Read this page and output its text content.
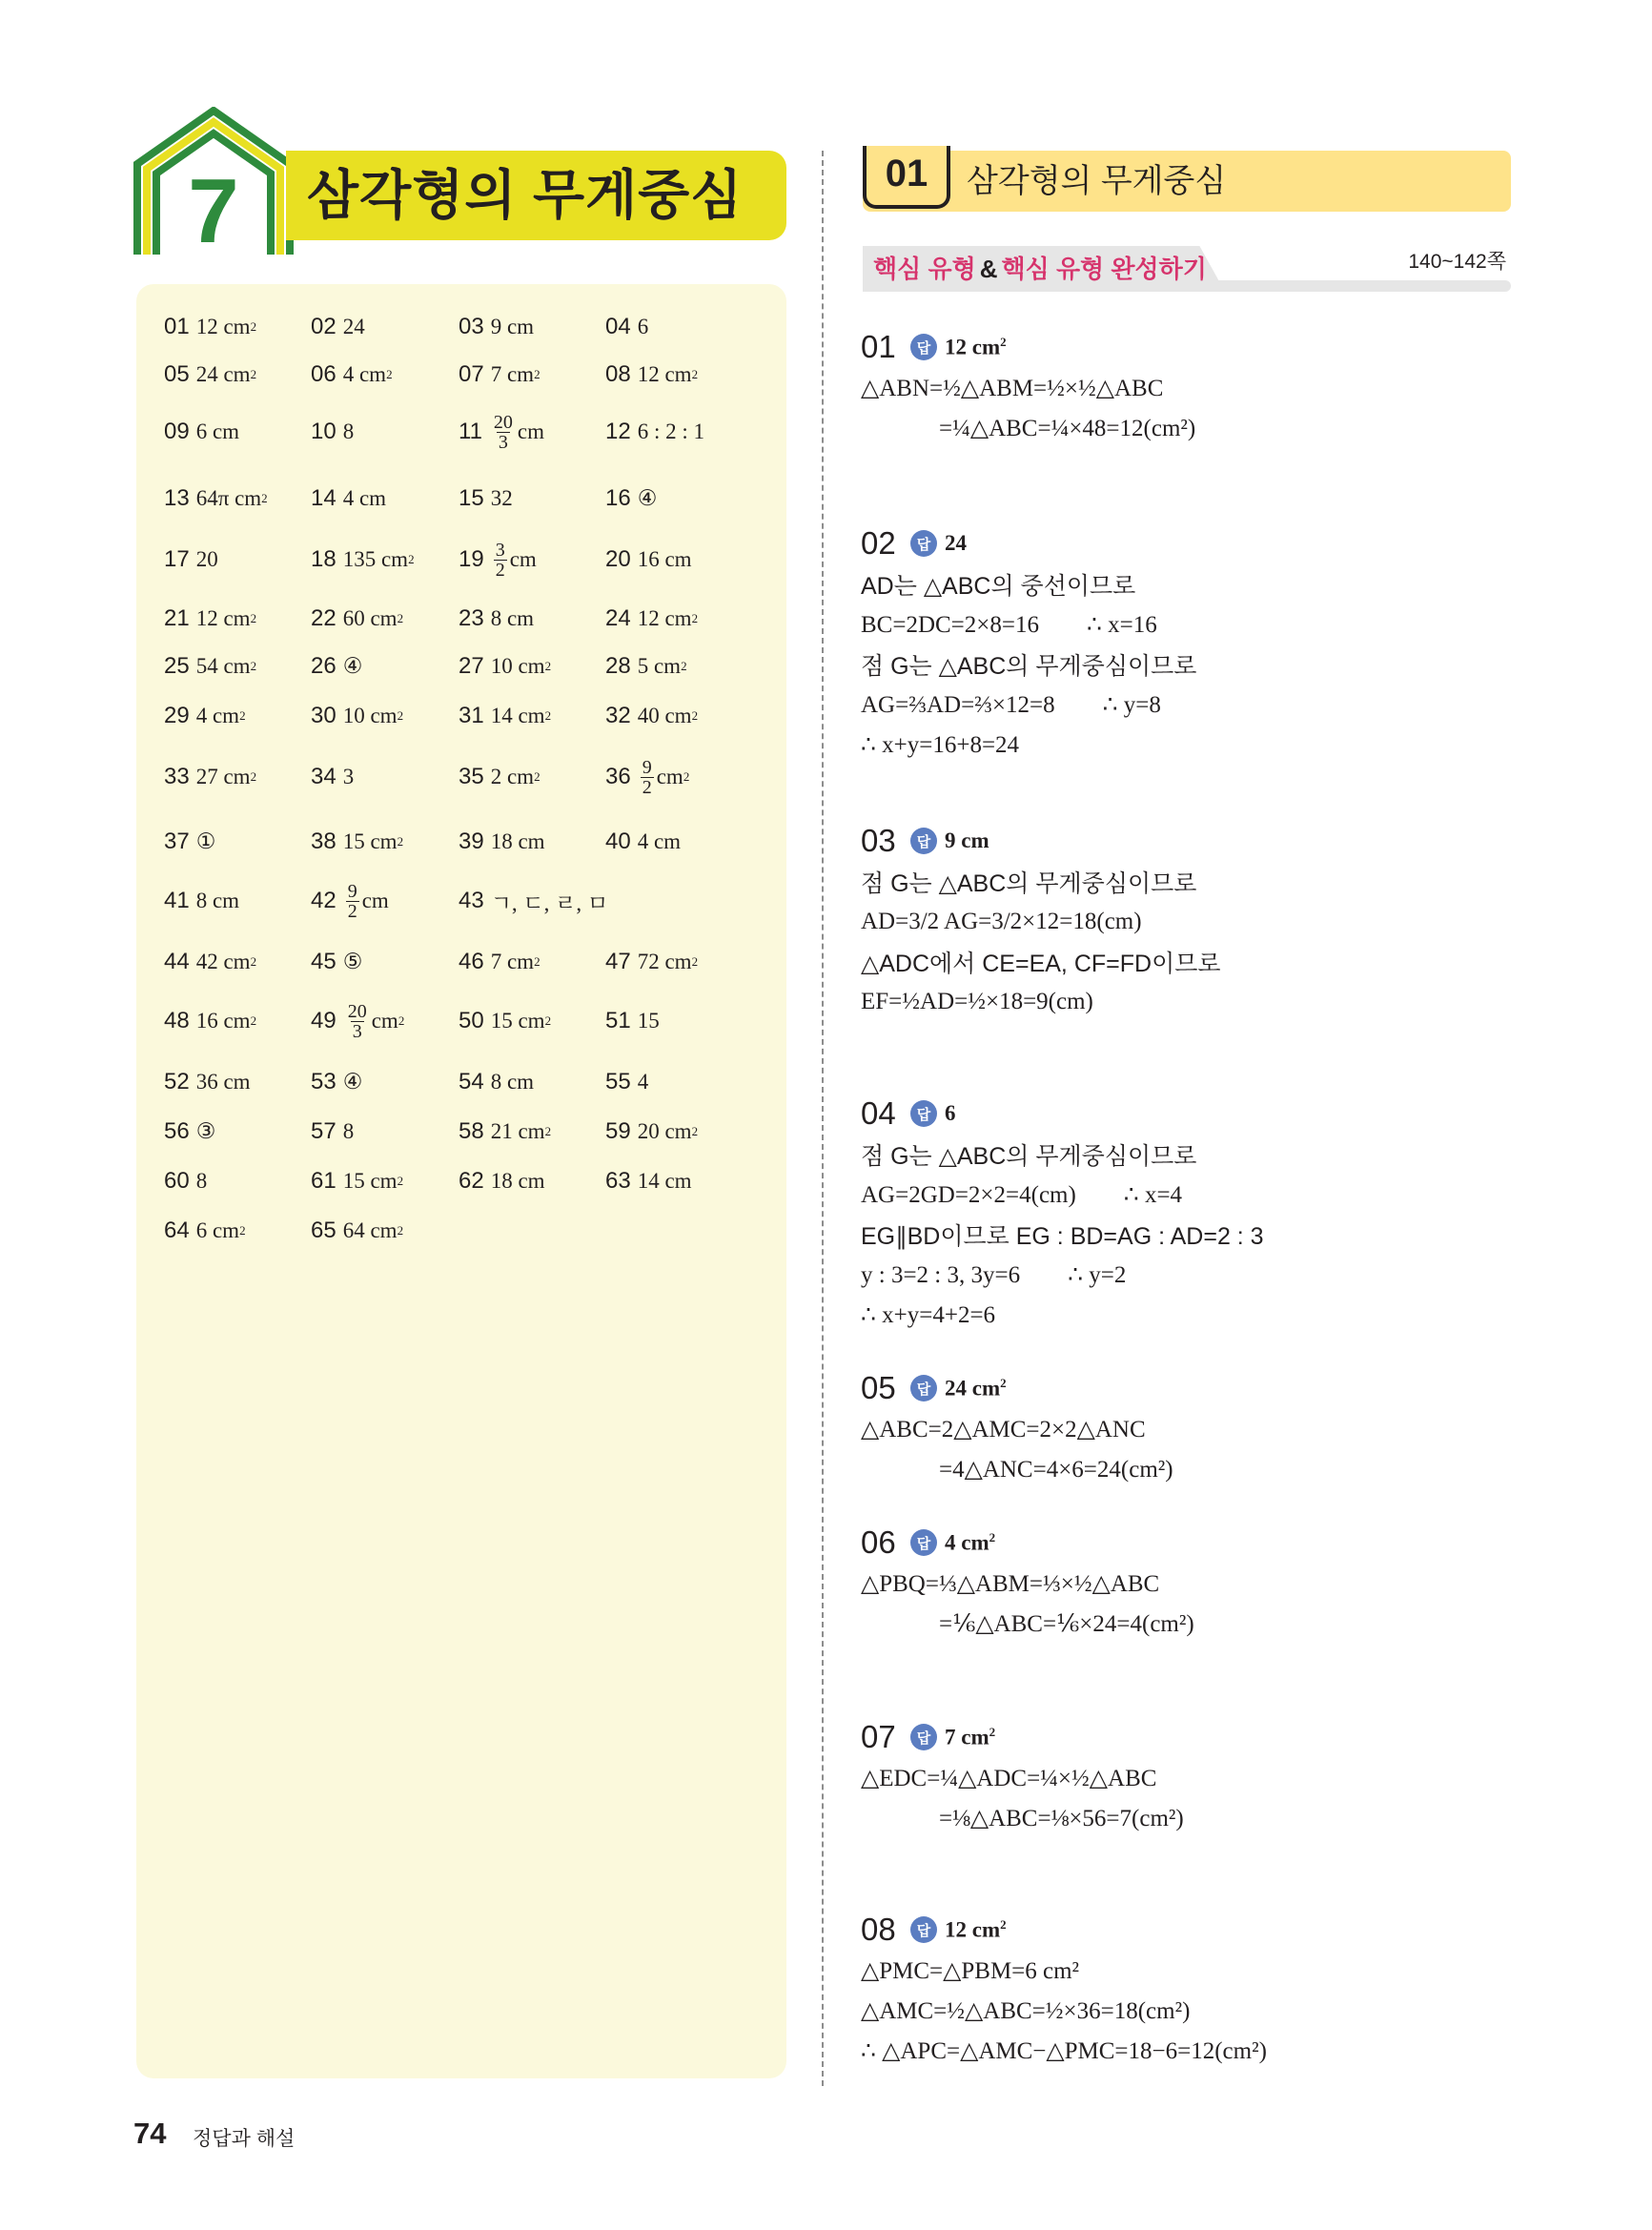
7 삼각형의 무게중심
01 12 cm 2 02 24	03 9 cm	04 6
05 24 cm 2 06 4 cm 2	07 7 cm 2	08 12 cm 2
09 6 cm	10 8	$11 \frac{20}{3}$ cm	12 6 : 2 : 1
13 64π cm 2 14 4 cm	15 32	16 ④
17 20	18 135 cm 2 $19 \frac{3}{2}$ cm	20 16 cm
21 12 cm 2 22 60 cm 2 23 8 cm	24 12 cm 2
25 54 cm 2 26 ④	27 10 cm 2 28 5 cm 2
29 4 cm 2	30 10 cm 2 31 14 cm 2 32 40 cm 2
33 27 cm 2 34 3	35 2 cm 2	$36 \frac{9}{2}$ cm 2
37 ①	38 15 cm 2 39 18 cm	40 4 cm
41 8 cm	$42 \frac{9}{2}$ cm	43 ㄱ, ㄷ, ㄹ, ㅁ
44 42 cm 2 45 ⑤	46 7 cm 2	47 72 cm 2
48 16 cm 2 $49 \frac{20}{3}$ cm 2 50 15 cm 2 51 15
52 36 cm	53 ④	54 8 cm	55 4
56 ③	57 8	58 21 cm 2 59 20 cm 2
60 8	61 15 cm 2 62 18 cm	63 14 cm
64 6 cm 2	65 64 cm 2
01	삼각형의 무게중심
핵심 유형 & 핵심 유형 완성하기	140~142쪽
01	답 12 $cm^2$
△ABN=½△ABM=½×½△ABC
=¼△ABC=¼×48=12(cm²)
02	답 24
AD는 △ABC의 중선이므로
BC=2DC=2×8=16        ∴ x=16
점 G는 △ABC의 무게중심이므로
AG=⅔AD=⅔×12=8        ∴ y=8
∴ x+y=16+8=24
03	답 9 cm
점 G는 △ABC의 무게중심이므로
AD=3/2 AG=3/2×12=18(cm)
△ADC에서 CE=EA, CF=FD이므로
EF=½AD=½×18=9(cm)
04	답 6
점 G는 △ABC의 무게중심이므로
AG=2GD=2×2=4(cm)        ∴ x=4
EG∥BD이므로 EG : BD=AG : AD=2 : 3
y : 3=2 : 3, 3y=6        ∴ y=2
∴ x+y=4+2=6
05	답 24 $cm^2$
△ABC=2△AMC=2×2△ANC
=4△ANC=4×6=24(cm²)
06	답 4 $cm^2$
△PBQ=⅓△ABM=⅓×½△ABC
=⅙△ABC=⅙×24=4(cm²)
07	답 7 $cm^2$
△EDC=¼△ADC=¼×½△ABC
=⅛△ABC=⅛×56=7(cm²)
08	답 12 $cm^2$
△PMC=△PBM=6 cm²
△AMC=½△ABC=½×36=18(cm²)
∴ △APC=△AMC−△PMC=18−6=12(cm²)
74 정답과 해설
